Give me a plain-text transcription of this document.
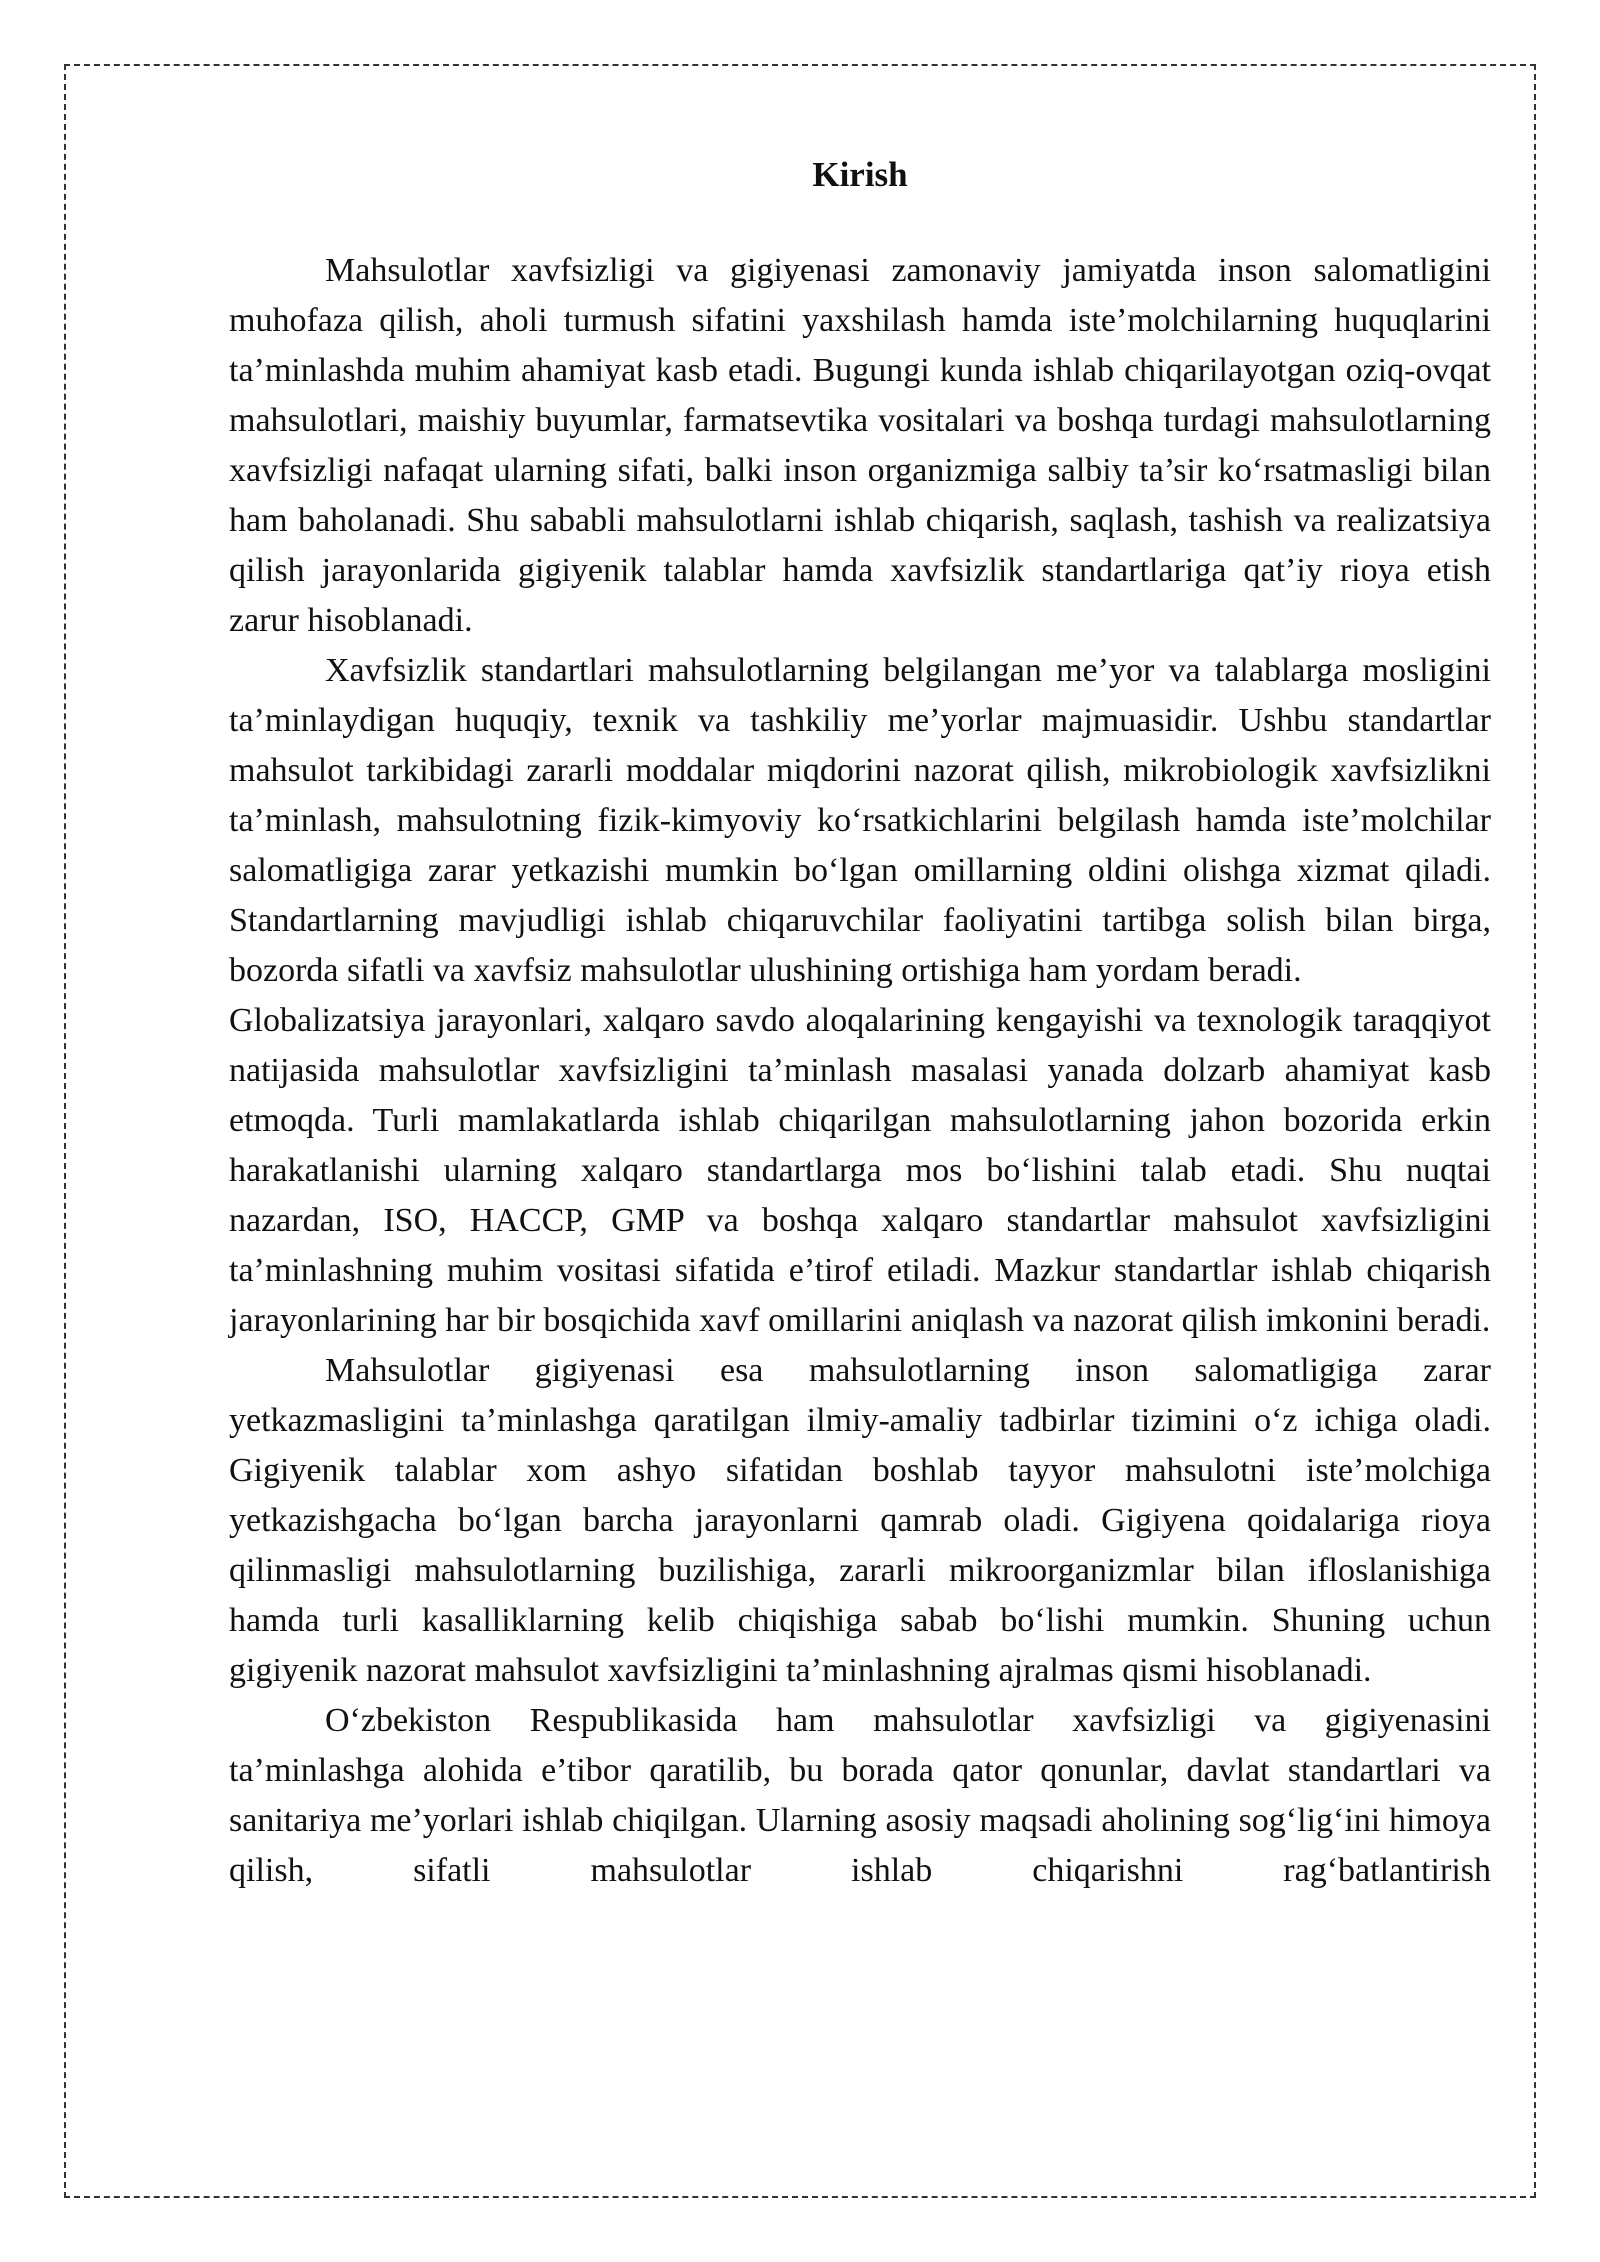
Kirish

Mahsulotlar xavfsizligi va gigiyenasi zamonaviy jamiyatda inson salomatligini muhofaza qilish, aholi turmush sifatini yaxshilash hamda iste’molchilarning huquqlarini ta’minlashda muhim ahamiyat kasb etadi. Bugungi kunda ishlab chiqarilayotgan oziq-ovqat mahsulotlari, maishiy buyumlar, farmatsevtika vositalari va boshqa turdagi mahsulotlarning xavfsizligi nafaqat ularning sifati, balki inson organizmiga salbiy ta’sir ko‘rsatmasligi bilan ham baholanadi. Shu sababli mahsulotlarni ishlab chiqarish, saqlash, tashish va realizatsiya qilish jarayonlarida gigiyenik talablar hamda xavfsizlik standartlariga qat’iy rioya etish zarur hisoblanadi.

Xavfsizlik standartlari mahsulotlarning belgilangan me’yor va talablarga mosligini ta’minlaydigan huquqiy, texnik va tashkiliy me’yorlar majmuasidir. Ushbu standartlar mahsulot tarkibidagi zararli moddalar miqdorini nazorat qilish, mikrobiologik xavfsizlikni ta’minlash, mahsulotning fizik-kimyoviy ko‘rsatkichlarini belgilash hamda iste’molchilar salomatligiga zarar yetkazishi mumkin bo‘lgan omillarning oldini olishga xizmat qiladi. Standartlarning mavjudligi ishlab chiqaruvchilar faoliyatini tartibga solish bilan birga, bozorda sifatli va xavfsiz mahsulotlar ulushining ortishiga ham yordam beradi.

Globalizatsiya jarayonlari, xalqaro savdo aloqalarining kengayishi va texnologik taraqqiyot natijasida mahsulotlar xavfsizligini ta’minlash masalasi yanada dolzarb ahamiyat kasb etmoqda. Turli mamlakatlarda ishlab chiqarilgan mahsulotlarning jahon bozorida erkin harakatlanishi ularning xalqaro standartlarga mos bo‘lishini talab etadi. Shu nuqtai nazardan, ISO, HACCP, GMP va boshqa xalqaro standartlar mahsulot xavfsizligini ta’minlashning muhim vositasi sifatida e’tirof etiladi. Mazkur standartlar ishlab chiqarish jarayonlarining har bir bosqichida xavf omillarini aniqlash va nazorat qilish imkonini beradi.

Mahsulotlar gigiyenasi esa mahsulotlarning inson salomatligiga zarar yetkazmasligini ta’minlashga qaratilgan ilmiy-amaliy tadbirlar tizimini o‘z ichiga oladi. Gigiyenik talablar xom ashyo sifatidan boshlab tayyor mahsulotni iste’molchiga yetkazishgacha bo‘lgan barcha jarayonlarni qamrab oladi. Gigiyena qoidalariga rioya qilinmasligi mahsulotlarning buzilishiga, zararli mikroorganizmlar bilan ifloslanishiga hamda turli kasalliklarning kelib chiqishiga sabab bo‘lishi mumkin. Shuning uchun gigiyenik nazorat mahsulot xavfsizligini ta’minlashning ajralmas qismi hisoblanadi.

O‘zbekiston Respublikasida ham mahsulotlar xavfsizligi va gigiyenasini ta’minlashga alohida e’tibor qaratilib, bu borada qator qonunlar, davlat standartlari va sanitariya me’yorlari ishlab chiqilgan. Ularning asosiy maqsadi aholining sog‘lig‘ini himoya qilish, sifatli mahsulotlar ishlab chiqarishni rag‘batlantirish
